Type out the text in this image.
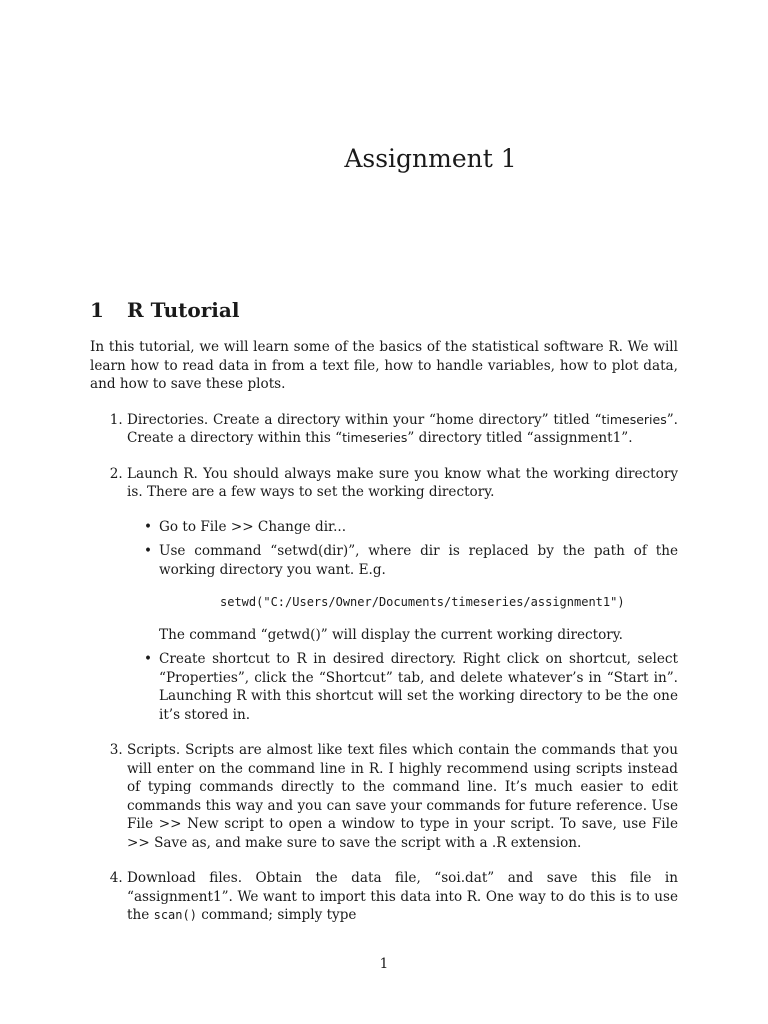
Assignment 1
1 R Tutorial

In this tutorial, we will learn some of the basics of the statistical software R. We will learn how to read data in from a text file, how to handle variables, how to plot data, and how to save these plots.

1. Directories. Create a directory within your “home directory” titled “timeseries”. Create a directory within this “timeseries” directory titled “assignment1”.
2. Launch R. You should always make sure you know what the working directory is. There are a few ways to set the working directory.
• Go to File >> Change dir...
• Use command “setwd(dir)”, where dir is replaced by the path of the working directory you want. E.g.
setwd("C:/Users/Owner/Documents/timeseries/assignment1")
The command “getwd()” will display the current working directory.
• Create shortcut to R in desired directory. Right click on shortcut, select “Properties”, click the “Shortcut” tab, and delete whatever’s in “Start in”. Launching R with this shortcut will set the working directory to be the one it’s stored in.
3. Scripts. Scripts are almost like text files which contain the commands that you will enter on the command line in R. I highly recommend using scripts instead of typing commands directly to the command line. It’s much easier to edit commands this way and you can save your commands for future reference. Use File >> New script to open a window to type in your script. To save, use File >> Save as, and make sure to save the script with a .R extension.
4. Download files. Obtain the data file, “soi.dat” and save this file in “assignment1”. We want to import this data into R. One way to do this is to use the scan() command; simply type
1
